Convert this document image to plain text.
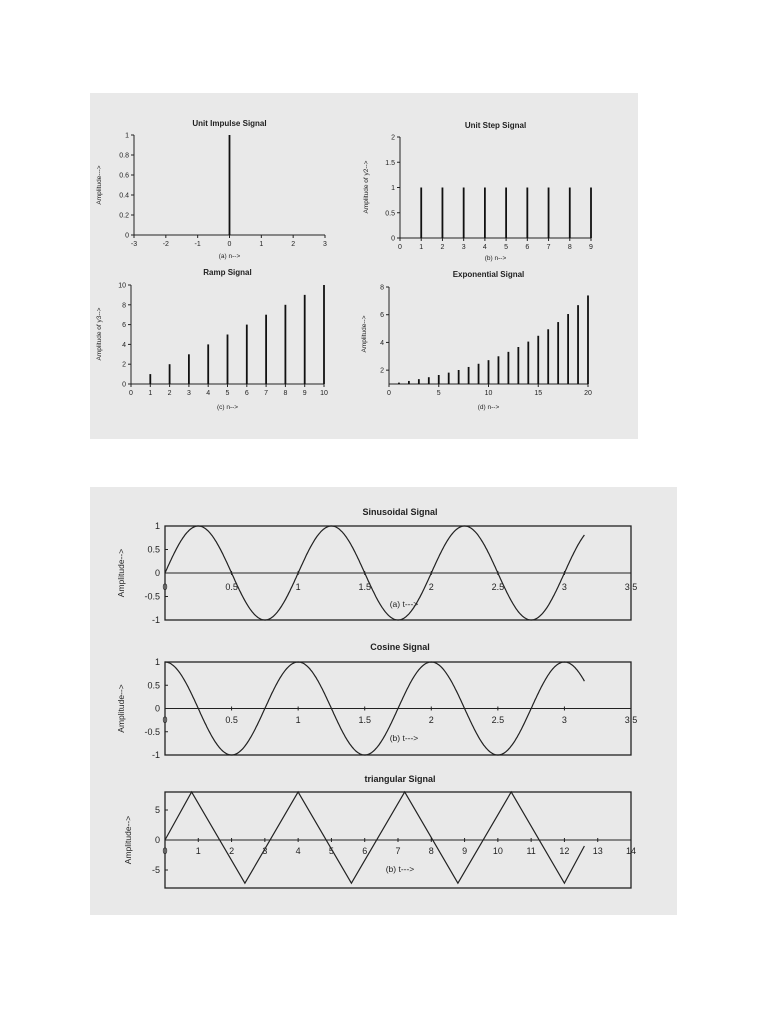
Unit Impulse Signal
-3	-2	-1	0	1	2	3
0
0.2
0.4
0.6
0.8
1
(a) n-->
Amplitude--->
Unit Step Signal
0 1 2 3 4 5 6 7 8 9
0
0.5
1
1.5
2
(b) n-->
Amplitude of y2-->
Ramp Signal
0 1 2 3 4 5 6 7 8 9 10
0
2
4
6
8
10
(c) n-->
Amplitude of y3-->
Exponential Signal
0	5	10	15	20
2
4
6
8
(d) n-->
Amplitude-->
Sinusoidal Signal
0	0.5	1	1.5	2	2.5	3	3.5
-1
-0.5
0
0.5
1
(a) t--->
Amplitude-->
Cosine Signal
0	0.5	1	1.5	2	2.5	3	3.5
-1
-0.5
0
0.5
1
(b) t--->
Amplitude-->
triangular Signal
0	1	2	3	4	5	6	7	8	9	10	11	12	13	14
-5
0
5
(b) t--->
Amplitude-->
